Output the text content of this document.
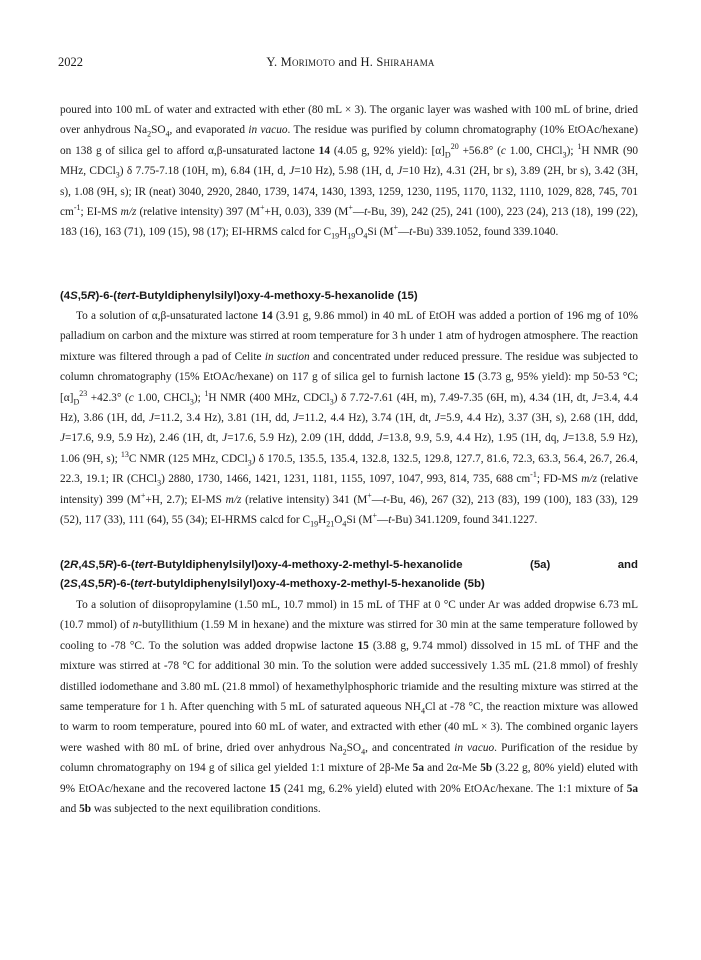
2022	Y. Morimoto and H. Shirahama
poured into 100 mL of water and extracted with ether (80 mL × 3). The organic layer was washed with 100 mL of brine, dried over anhydrous $Na_2SO_4$, and evaporated in vacuo. The residue was purified by column chromatography (10% EtOAc/hexane) on 138 g of silica gel to afford α,β-unsaturated lactone 14 (4.05 g, 92% yield): $[\alpha]_D^{20} +56.8^\circ$ (c 1.00, CHCl$_3$); $^1$H NMR (90 MHz, CDCl$_3$) δ 7.75-7.18 (10H, m), 6.84 (1H, d, J=10 Hz), 5.98 (1H, d, J=10 Hz), 4.31 (2H, br s), 3.89 (2H, br s), 3.42 (3H, s), 1.08 (9H, s); IR (neat) 3040, 2920, 2840, 1739, 1474, 1430, 1393, 1259, 1230, 1195, 1170, 1132, 1110, 1029, 828, 745, 701 $cm^{-1}$; EI-MS m/z (relative intensity) 397 (M++H, 0.03), 339 (M+—t-Bu, 39), 242 (25), 241 (100), 223 (24), 213 (18), 199 (22), 183 (16), 163 (71), 109 (15), 98 (17); EI-HRMS calcd for $C_{19}H_{19}O_4Si$ (M+—t-Bu) 339.1052, found 339.1040.
(4S,5R)-6-(tert-Butyldiphenylsilyl)oxy-4-methoxy-5-hexanolide (15)
To a solution of α,β-unsaturated lactone 14 (3.91 g, 9.86 mmol) in 40 mL of EtOH was added a portion of 196 mg of 10% palladium on carbon and the mixture was stirred at room temperature for 3 h under 1 atm of hydrogen atmosphere. The reaction mixture was filtered through a pad of Celite in suction and concentrated under reduced pressure. The residue was subjected to column chromatography (15% EtOAc/hexane) on 117 g of silica gel to furnish lactone 15 (3.73 g, 95% yield): mp 50-53 °C; $[\alpha]_D^{23} +42.3^\circ$ (c 1.00, CHCl$_3$); $^1$H NMR (400 MHz, CDCl$_3$) δ 7.72-7.61 (4H, m), 7.49-7.35 (6H, m), 4.34 (1H, dt, J=3.4, 4.4 Hz), 3.86 (1H, dd, J=11.2, 3.4 Hz), 3.81 (1H, dd, J=11.2, 4.4 Hz), 3.74 (1H, dt, J=5.9, 4.4 Hz), 3.37 (3H, s), 2.68 (1H, ddd, J=17.6, 9.9, 5.9 Hz), 2.46 (1H, dt, J=17.6, 5.9 Hz), 2.09 (1H, dddd, J=13.8, 9.9, 5.9, 4.4 Hz), 1.95 (1H, dq, J=13.8, 5.9 Hz), 1.06 (9H, s); $^{13}$C NMR (125 MHz, CDCl$_3$) δ 170.5, 135.5, 135.4, 132.8, 132.5, 129.8, 127.7, 81.6, 72.3, 63.3, 56.4, 26.7, 26.4, 22.3, 19.1; IR (CHCl$_3$) 2880, 1730, 1466, 1421, 1231, 1181, 1155, 1097, 1047, 993, 814, 735, 688 $cm^{-1}$; FD-MS m/z (relative intensity) 399 (M++H, 2.7); EI-MS m/z (relative intensity) 341 (M+—t-Bu, 46), 267 (32), 213 (83), 199 (100), 183 (33), 129 (52), 117 (33), 111 (64), 55 (34); EI-HRMS calcd for $C_{19}H_{21}O_4Si$ (M+—t-Bu) 341.1209, found 341.1227.
(2R,4S,5R)-6-(tert-Butyldiphenylsilyl)oxy-4-methoxy-2-methyl-5-hexanolide	(5a)	and
(2S,4S,5R)-6-(tert-butyldiphenylsilyl)oxy-4-methoxy-2-methyl-5-hexanolide (5b)
To a solution of diisopropylamine (1.50 mL, 10.7 mmol) in 15 mL of THF at 0 °C under Ar was added dropwise 6.73 mL (10.7 mmol) of n-butyllithium (1.59 M in hexane) and the mixture was stirred for 30 min at the same temperature followed by cooling to -78 °C. To the solution was added dropwise lactone 15 (3.88 g, 9.74 mmol) dissolved in 15 mL of THF and the mixture was stirred at -78 °C for additional 30 min. To the solution were added successively 1.35 mL (21.8 mmol) of freshly distilled iodomethane and 3.80 mL (21.8 mmol) of hexamethylphosphoric triamide and the resulting mixture was stirred at the same temperature for 1 h. After quenching with 5 mL of saturated aqueous $NH_4Cl$ at -78 °C, the reaction mixture was allowed to warm to room temperature, poured into 60 mL of water, and extracted with ether (40 mL × 3). The combined organic layers were washed with 80 mL of brine, dried over anhydrous $Na_2SO_4$, and concentrated in vacuo. Purification of the residue by column chromatography on 194 g of silica gel yielded 1:1 mixture of 2β-Me 5a and 2α-Me 5b (3.22 g, 80% yield) eluted with 9% EtOAc/hexane and the recovered lactone 15 (241 mg, 6.2% yield) eluted with 20% EtOAc/hexane. The 1:1 mixture of 5a and 5b was subjected to the next equilibration conditions.
